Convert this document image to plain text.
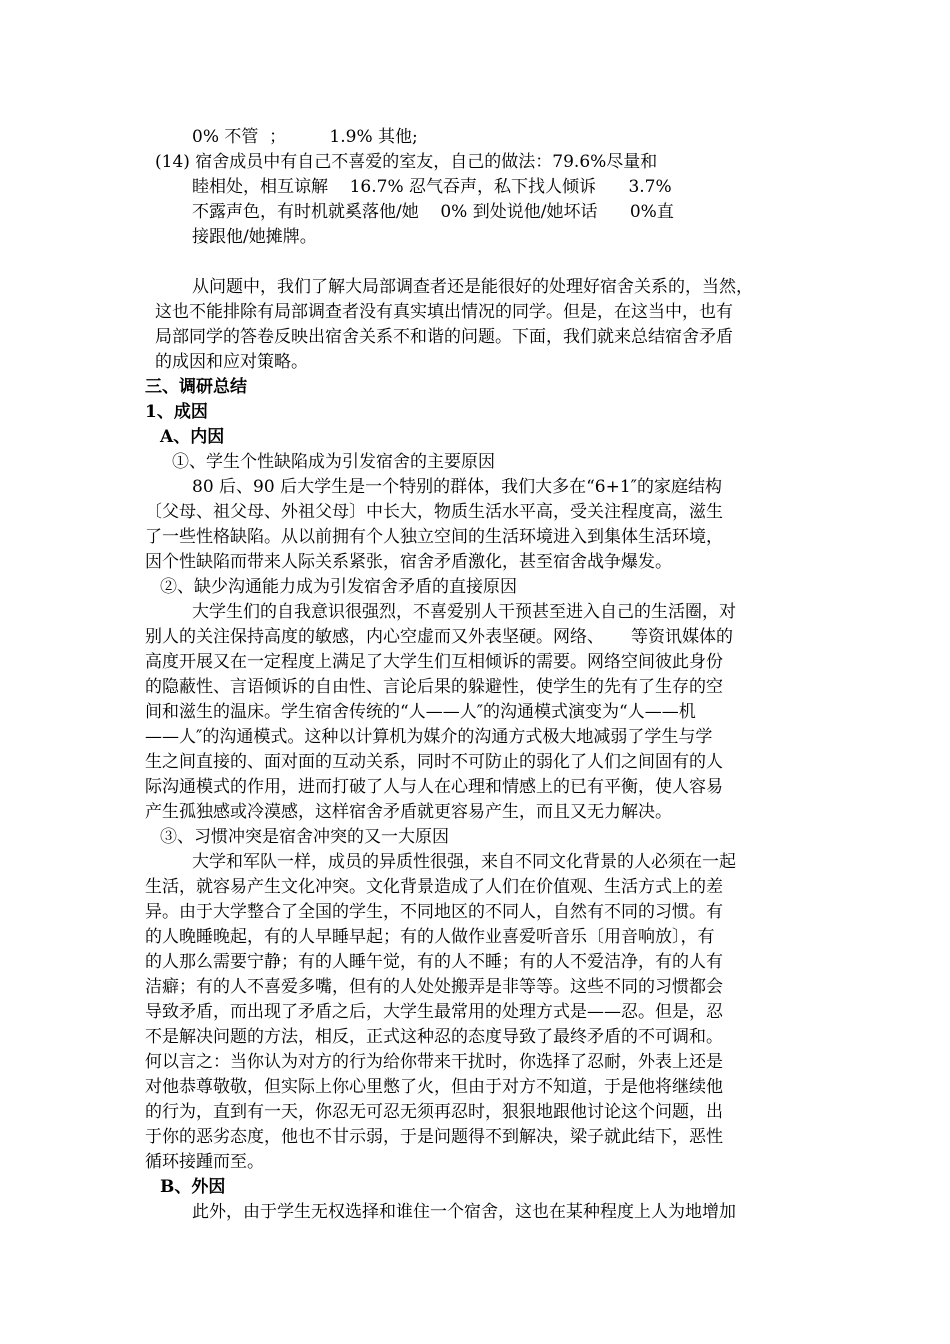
0% 不管  ；        1.9% 其他;
(14) 宿舍成员中有自己不喜爱的室友，自己的做法：79.6%尽量和
睦相处，相互谅解    16.7% 忍气吞声，私下找人倾诉      3.7%
不露声色，有时机就奚落他/她    0% 到处说他/她坏话      0%直
接跟他/她摊牌。
从问题中，我们了解大局部调查者还是能很好的处理好宿舍关系的，当然，
这也不能排除有局部调查者没有真实填出情况的同学。但是，在这当中，也有
局部同学的答卷反映出宿舍关系不和谐的问题。下面，我们就来总结宿舍矛盾
的成因和应对策略。
三、调研总结
1、成因
A、内因
①、学生个性缺陷成为引发宿舍的主要原因
80 后、90 后大学生是一个特别的群体，我们大多在“6+1″的家庭结构
〔父母、祖父母、外祖父母〕中长大，物质生活水平高，受关注程度高，滋生
了一些性格缺陷。从以前拥有个人独立空间的生活环境进入到集体生活环境，
因个性缺陷而带来人际关系紧张，宿舍矛盾激化，甚至宿舍战争爆发。
②、缺少沟通能力成为引发宿舍矛盾的直接原因
大学生们的自我意识很强烈，不喜爱别人干预甚至进入自己的生活圈，对
别人的关注保持高度的敏感，内心空虚而又外表坚硬。网络、     等资讯媒体的
高度开展又在一定程度上满足了大学生们互相倾诉的需要。网络空间彼此身份
的隐蔽性、言语倾诉的自由性、言论后果的躲避性，使学生的先有了生存的空
间和滋生的温床。学生宿舍传统的“人——人″的沟通模式演变为“人——机
——人″的沟通模式。这种以计算机为媒介的沟通方式极大地减弱了学生与学
生之间直接的、面对面的互动关系，同时不可防止的弱化了人们之间固有的人
际沟通模式的作用，进而打破了人与人在心理和情感上的已有平衡，使人容易
产生孤独感或冷漠感，这样宿舍矛盾就更容易产生，而且又无力解决。
③、习惯冲突是宿舍冲突的又一大原因
大学和军队一样，成员的异质性很强，来自不同文化背景的人必须在一起
生活，就容易产生文化冲突。文化背景造成了人们在价值观、生活方式上的差
异。由于大学整合了全国的学生，不同地区的不同人，自然有不同的习惯。有
的人晚睡晚起，有的人早睡早起；有的人做作业喜爱听音乐〔用音响放〕，有
的人那么需要宁静；有的人睡午觉，有的人不睡；有的人不爱洁净，有的人有
洁癖；有的人不喜爱多嘴，但有的人处处搬弄是非等等。这些不同的习惯都会
导致矛盾，而出现了矛盾之后，大学生最常用的处理方式是——忍。但是，忍
不是解决问题的方法，相反，正式这种忍的态度导致了最终矛盾的不可调和。
何以言之：当你认为对方的行为给你带来干扰时，你选择了忍耐，外表上还是
对他恭尊敬敬，但实际上你心里憋了火，但由于对方不知道，于是他将继续他
的行为，直到有一天，你忍无可忍无须再忍时，狠狠地跟他讨论这个问题，出
于你的恶劣态度，他也不甘示弱，于是问题得不到解决，梁子就此结下，恶性
循环接踵而至。
B、外因
此外，由于学生无权选择和谁住一个宿舍，这也在某种程度上人为地增加
